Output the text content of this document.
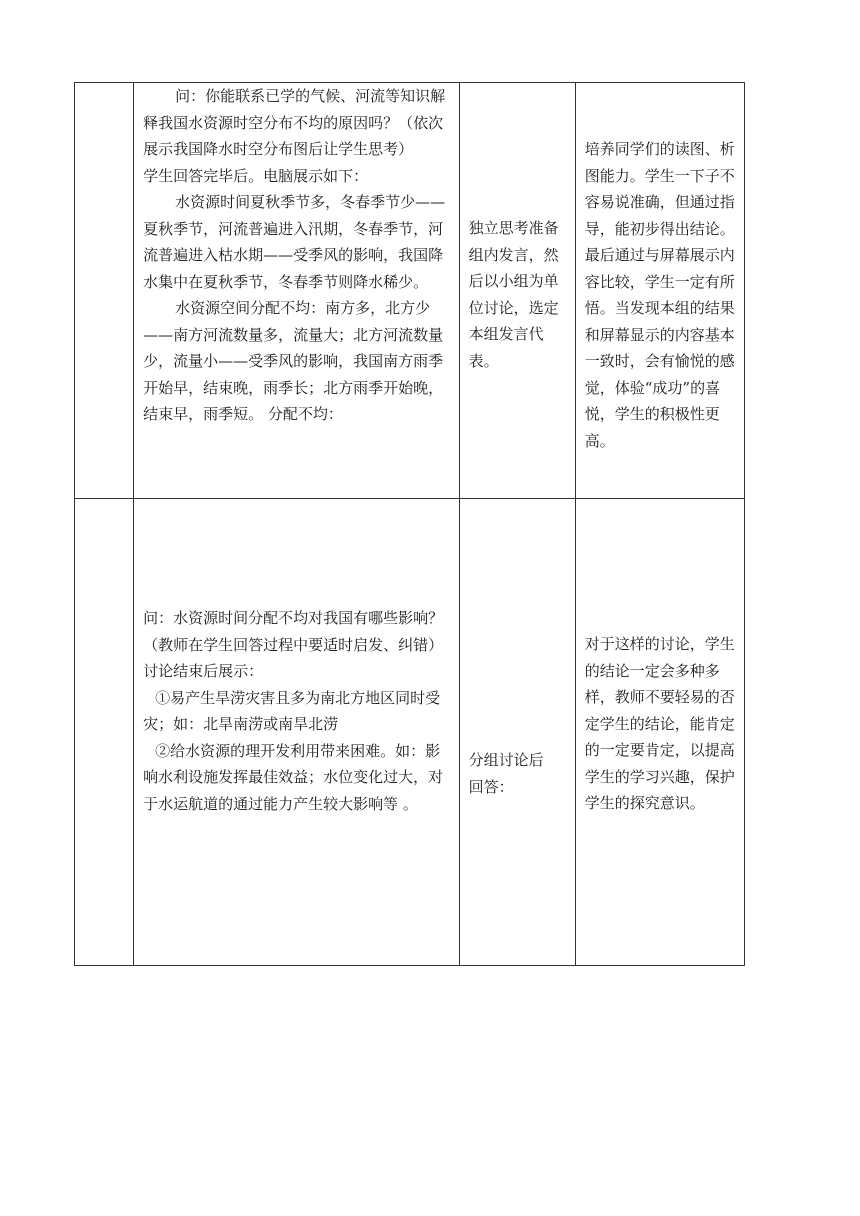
	问：你能联系已学的气候、河流等知识解释我国水资源时空分布不均的原因吗？（依次展示我国降水时空分布图后让学生思考）

学生回答完毕后。电脑展示如下：

水资源时间夏秋季节多，冬春季节少——夏秋季节，河流普遍进入汛期，冬春季节，河流普遍进入枯水期——受季风的影响，我国降水集中在夏秋季节，冬春季节则降水稀少。

水资源空间分配不均：南方多，北方少——南方河流数量多，流量大；北方河流数量少，流量小——受季风的影响，我国南方雨季开始早，结束晚，雨季长；北方雨季开始晚，结束早，雨季短。 分配不均：	独立思考准备组内发言，然后以小组为单位讨论，选定本组发言代表。	培养同学们的读图、析图能力。学生一下子不容易说准确，但通过指导，能初步得出结论。最后通过与屏幕展示内容比较，学生一定有所悟。当发现本组的结果和屏幕显示的内容基本一致时，会有愉悦的感觉，体验“成功”的喜悦，学生的积极性更高。

	问：水资源时间分配不均对我国有哪些影响？

（教师在学生回答过程中要适时启发、纠错）讨论结束后展示：

①易产生旱涝灾害且多为南北方地区同时受灾；如：北旱南涝或南旱北涝

②给水资源的理开发利用带来困难。如：影响水利设施发挥最佳效益；水位变化过大，对于水运航道的通过能力产生较大影响等 。	分组讨论后回答：	对于这样的讨论，学生的结论一定会多种多样，教师不要轻易的否定学生的结论，能肯定的一定要肯定，以提高学生的学习兴趣，保护学生的探究意识。
